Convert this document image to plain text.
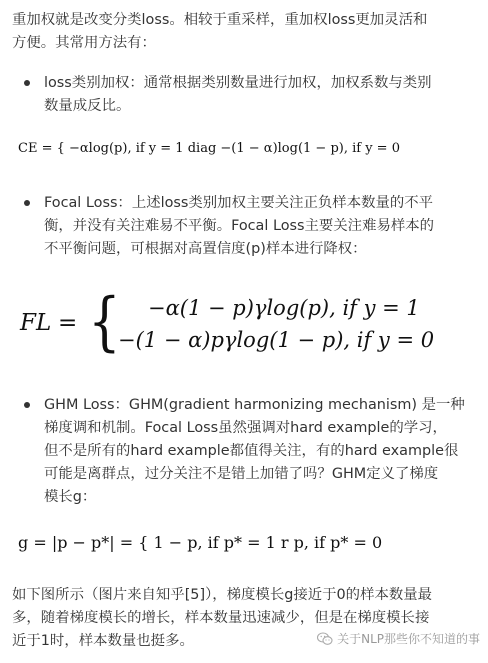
重加权就是改变分类loss。相较于重采样，重加权loss更加灵活和
方便。其常用方法有：
loss类别加权：通常根据类别数量进行加权，加权系数与类别
数量成反比。
CE = { −αlog(p), if y = 1 diag −(1 − α)log(1 − p), if y = 0
Focal Loss：上述loss类别加权主要关注正负样本数量的不平
衡，并没有关注难易不平衡。Focal Loss主要关注难易样本的
不平衡问题，可根据对高置信度(p)样本进行降权：
FL = { −α(1 − p)γlog(p), if y = 1
−(1 − α)pγlog(1 − p), if y = 0
GHM Loss：GHM(gradient harmonizing mechanism) 是一种
梯度调和机制。Focal Loss虽然强调对hard example的学习，
但不是所有的hard example都值得关注，有的hard example很
可能是离群点，过分关注不是错上加错了吗？GHM定义了梯度
模长g：
g = |p − p*| = { 1 − p, if p* = 1 r p, if p* = 0
如下图所示（图片来自知乎[5]），梯度模长g接近于0的样本数量最
多，随着梯度模长的增长，样本数量迅速减少，但是在梯度模长接
近于1时，样本数量也挺多。	关于NLP那些你不知道的事
